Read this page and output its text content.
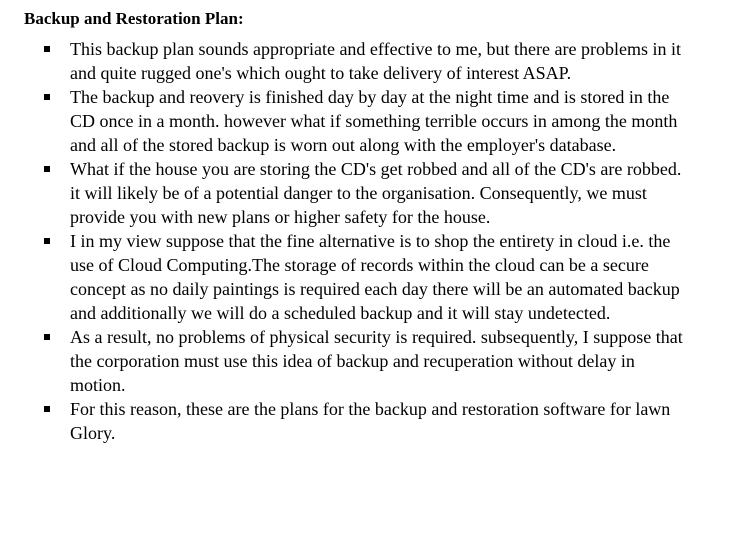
Backup and Restoration Plan:
This backup plan sounds appropriate and effective to me, but there are problems in it and quite rugged one's which ought to take delivery of interest ASAP.
The backup and reovery is finished day by day at the night time and is stored in the CD once in a month. however what if something terrible occurs in among the month and all of the stored backup is worn out along with the employer's database.
What if the house you are storing the CD's get robbed and all of the CD's are robbed. it will likely be of a potential danger to the organisation. Consequently, we must provide you with new plans or higher safety for the house.
I in my view suppose that the fine alternative is to shop the entirety in cloud i.e. the use of Cloud Computing.The storage of records within the cloud can be a secure concept as no daily paintings is required each day there will be an automated backup and additionally we will do a scheduled backup and it will stay undetected.
As a result, no problems of physical security is required. subsequently, I suppose that the corporation must use this idea of backup and recuperation without delay in motion.
For this reason, these are the plans for the backup and restoration software for lawn Glory.
